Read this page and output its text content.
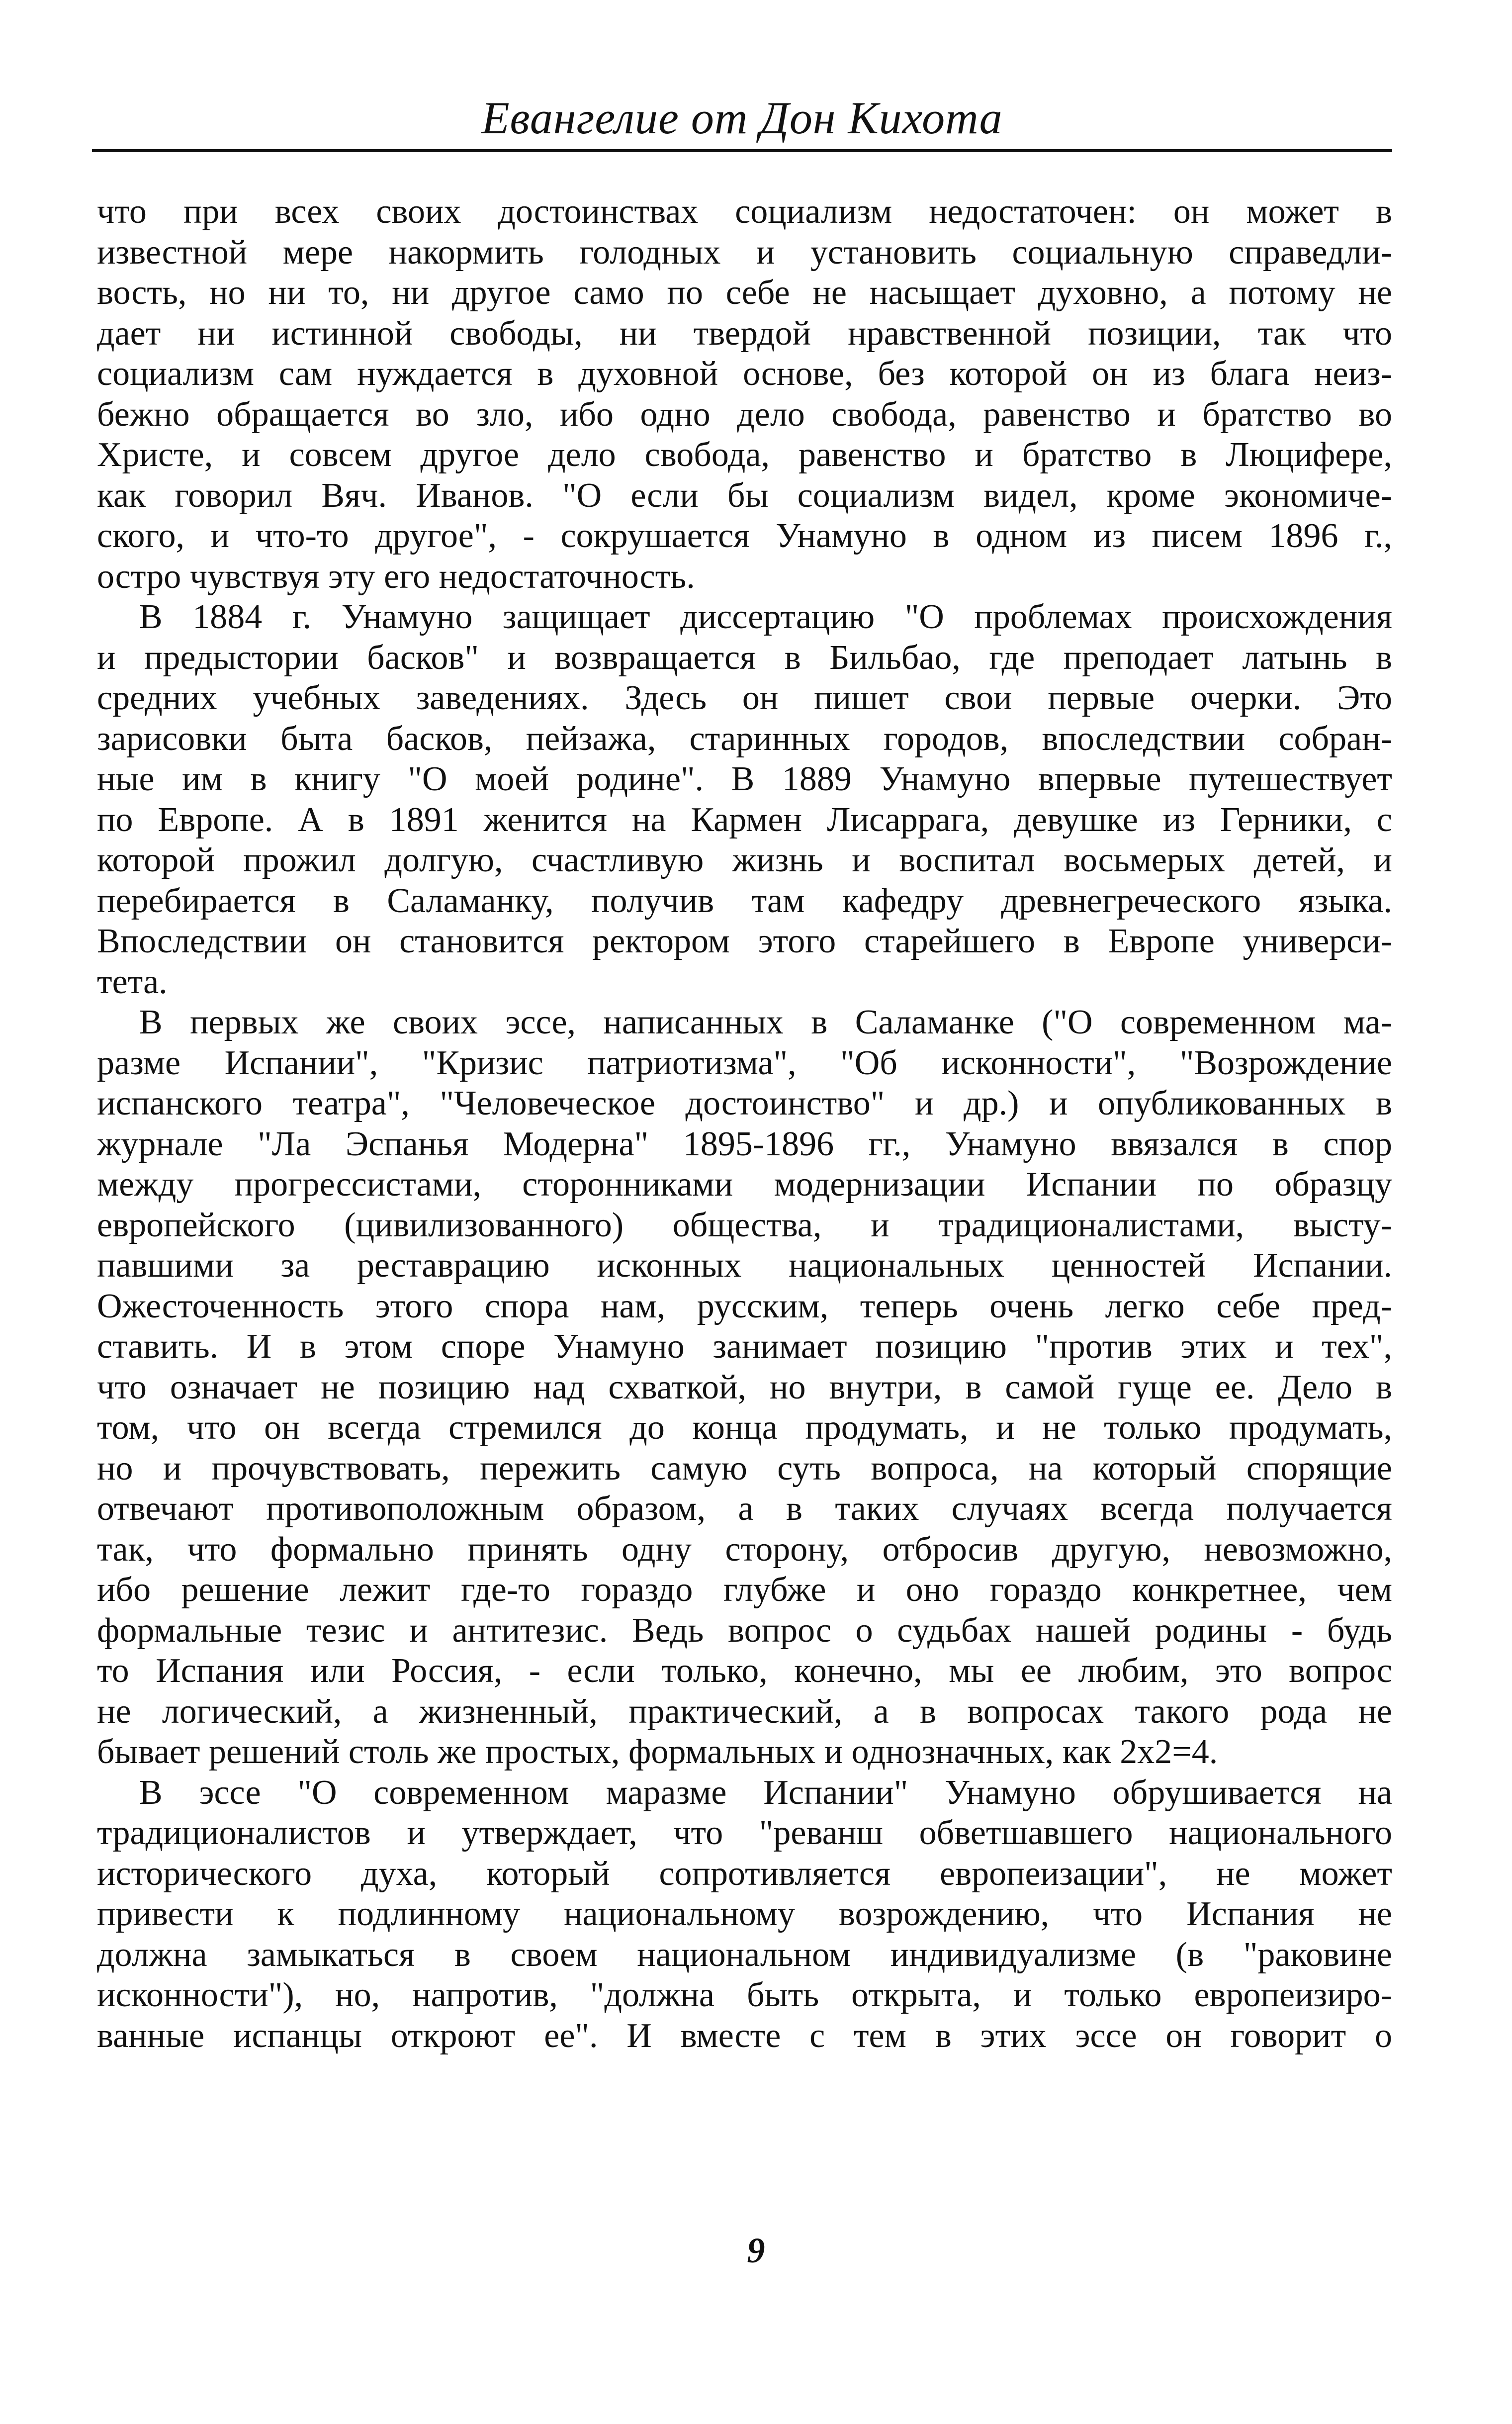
Евангелие от Дон Кихота
что при всех своих достоинствах социализм недостаточен: он может в
известной мере накормить голодных и установить социальную справедли-
вость, но ни то, ни другое само по себе не насыщает духовно, а потому не
дает ни истинной свободы, ни твердой нравственной позиции, так что
социализм сам нуждается в духовной основе, без которой он из блага неиз-
бежно обращается во зло, ибо одно дело свобода, равенство и братство во
Христе, и совсем другое дело свобода, равенство и братство в Люцифере,
как говорил Вяч. Иванов. "О если бы социализм видел, кроме экономиче-
ского, и что-то другое", - сокрушается Унамуно в одном из писем 1896 г.,
остро чувствуя эту его недостаточность.
В 1884 г. Унамуно защищает диссертацию "О проблемах происхождения
и предыстории басков" и возвращается в Бильбао, где преподает латынь в
средних учебных заведениях. Здесь он пишет свои первые очерки. Это
зарисовки быта басков, пейзажа, старинных городов, впоследствии собран-
ные им в книгу "О моей родине". В 1889 Унамуно впервые путешествует
по Европе. А в 1891 женится на Кармен Лисаррага, девушке из Герники, с
которой прожил долгую, счастливую жизнь и воспитал восьмерых детей, и
перебирается в Саламанку, получив там кафедру древнегреческого языка.
Впоследствии он становится ректором этого старейшего в Европе универси-
тета.
В первых же своих эссе, написанных в Саламанке ("О современном ма-
разме Испании", "Кризис патриотизма", "Об исконности", "Возрождение
испанского театра", "Человеческое достоинство" и др.) и опубликованных в
журнале "Ла Эспанья Модерна" 1895-1896 гг., Унамуно ввязался в спор
между прогрессистами, сторонниками модернизации Испании по образцу
европейского (цивилизованного) общества, и традиционалистами, высту-
павшими за реставрацию исконных национальных ценностей Испании.
Ожесточенность этого спора нам, русским, теперь очень легко себе пред-
ставить. И в этом споре Унамуно занимает позицию "против этих и тех",
что означает не позицию над схваткой, но внутри, в самой гуще ее. Дело в
том, что он всегда стремился до конца продумать, и не только продумать,
но и прочувствовать, пережить самую суть вопроса, на который спорящие
отвечают противоположным образом, а в таких случаях всегда получается
так, что формально принять одну сторону, отбросив другую, невозможно,
ибо решение лежит где-то гораздо глубже и оно гораздо конкретнее, чем
формальные тезис и антитезис. Ведь вопрос о судьбах нашей родины - будь
то Испания или Россия, - если только, конечно, мы ее любим, это вопрос
не логический, а жизненный, практический, а в вопросах такого рода не
бывает решений столь же простых, формальных и однозначных, как 2x2=4.
В эссе "О современном маразме Испании" Унамуно обрушивается на
традиционалистов и утверждает, что "реванш обветшавшего национального
исторического духа, который сопротивляется европеизации", не может
привести к подлинному национальному возрождению, что Испания не
должна замыкаться в своем национальном индивидуализме (в "раковине
исконности"), но, напротив, "должна быть открыта, и только европеизиро-
ванные испанцы откроют ее". И вместе с тем в этих эссе он говорит о
9
